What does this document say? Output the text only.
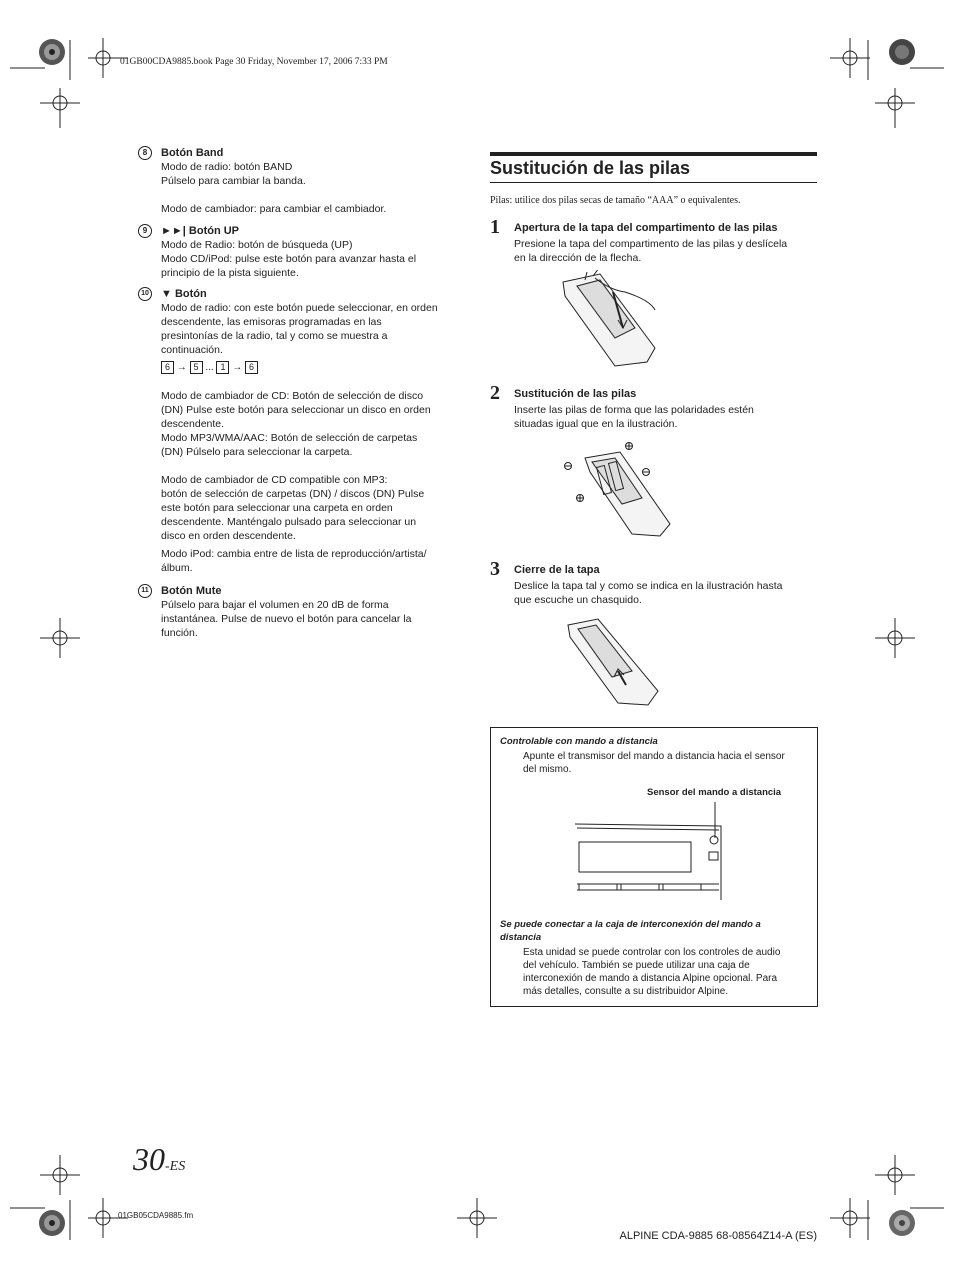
01GB00CDA9885.book Page 30 Friday, November 17, 2006 7:33 PM
8	Botón Band

Modo de radio: botón BAND

Púlselo para cambiar la banda.

Modo de cambiador: para cambiar el cambiador.

9	►►| Botón UP

Modo de Radio: botón de búsqueda (UP)

Modo CD/iPod: pulse este botón para avanzar hasta el

principio de la pista siguiente.

10 ▼ Botón

Modo de radio: con este botón puede seleccionar, en orden

descendente, las emisoras programadas en las

presintonías de la radio, tal y como se muestra a

continuación.

6 → 5 ... 1 → 6

Modo de cambiador de CD: Botón de selección de disco

(DN) Pulse este botón para seleccionar un disco en orden

descendente.

Modo MP3/WMA/AAC: Botón de selección de carpetas

(DN) Púlselo para seleccionar la carpeta.

Modo de cambiador de CD compatible con MP3:

botón de selección de carpetas (DN) / discos (DN) Pulse

este botón para seleccionar una carpeta en orden

descendente. Manténgalo pulsado para seleccionar un

disco en orden descendente.

Modo iPod: cambia entre de lista de reproducción/artista/

álbum.

11 Botón Mute

Púlselo para bajar el volumen en 20 dB de forma

instantánea. Pulse de nuevo el botón para cancelar la

función.

Sustitución de las pilas
Pilas: utilice dos pilas secas de tamaño “AAA” o equivalentes.
1 Apertura de la tapa del compartimento de las pilas
Presione la tapa del compartimento de las pilas y deslícela
en la dirección de la flecha.
2 Sustitución de las pilas
Inserte las pilas de forma que las polaridades estén
situadas igual que en la ilustración.
3 Cierre de la tapa
Deslice la tapa tal y como se indica en la ilustración hasta
que escuche un chasquido.
Controlable con mando a distancia
Apunte el transmisor del mando a distancia hacia el sensor
del mismo.
Sensor del mando a distancia
Se puede conectar a la caja de interconexión del mando a
distancia
Esta unidad se puede controlar con los controles de audio
del vehículo. También se puede utilizar una caja de
interconexión de mando a distancia Alpine opcional. Para
más detalles, consulte a su distribuidor Alpine.
30-ES
01GB05CDA9885.fm
ALPINE CDA-9885 68-08564Z14-A (ES)
